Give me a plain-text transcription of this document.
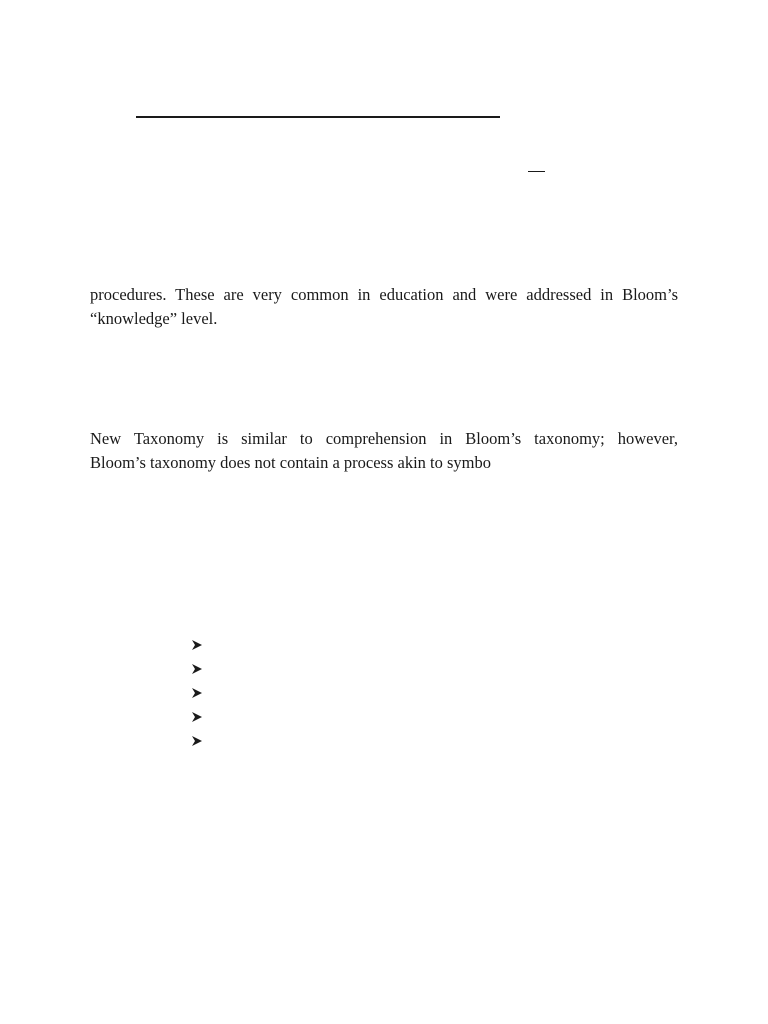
procedures. These are very common in education and were addressed in Bloom’s
“knowledge” level.

New Taxonomy is similar to comprehension in Bloom’s taxonomy; however,
Bloom’s taxonomy does not contain a process akin to symbo
